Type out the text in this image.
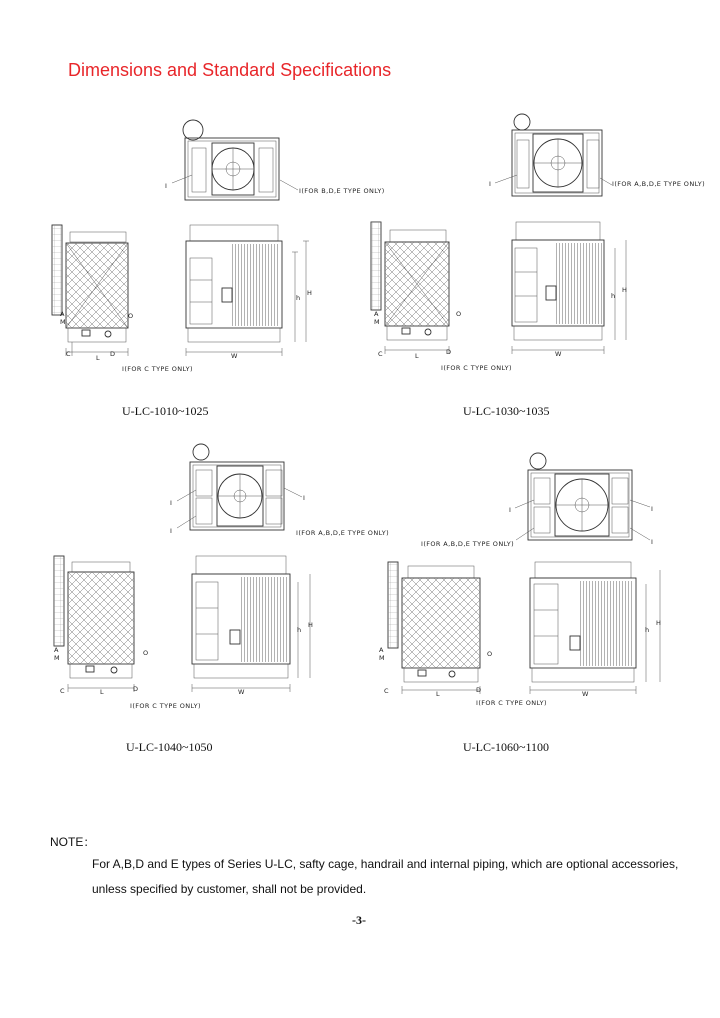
Dimensions and Standard Specifications
I
I(FOR B,D,E TYPE ONLY)
A
M
O
C	L D
I(FOR C TYPE ONLY)
W
h
H
I	I(FOR A,B,D,E TYPE ONLY)
A
M
O
C	L	D
I(FOR C TYPE ONLY)
W
h
H
I
I
I
I(FOR A,B,D,E TYPE ONLY)
A
M
O
C	L	D
I(FOR C TYPE ONLY)
W
h
H
I	I
I
I(FOR A,B,D,E TYPE ONLY)
A
M	O
C	L	D
I(FOR C TYPE ONLY)
W
h
H
U-LC-1010~1025	U-LC-1030~1035
U-LC-1040~1050	U-LC-1060~1100
NOTE：

For A,B,D and E types of Series U-LC, safty cage, handrail and internal piping, which are optional accessories, unless specified by customer, shall not be provided.

-3-
